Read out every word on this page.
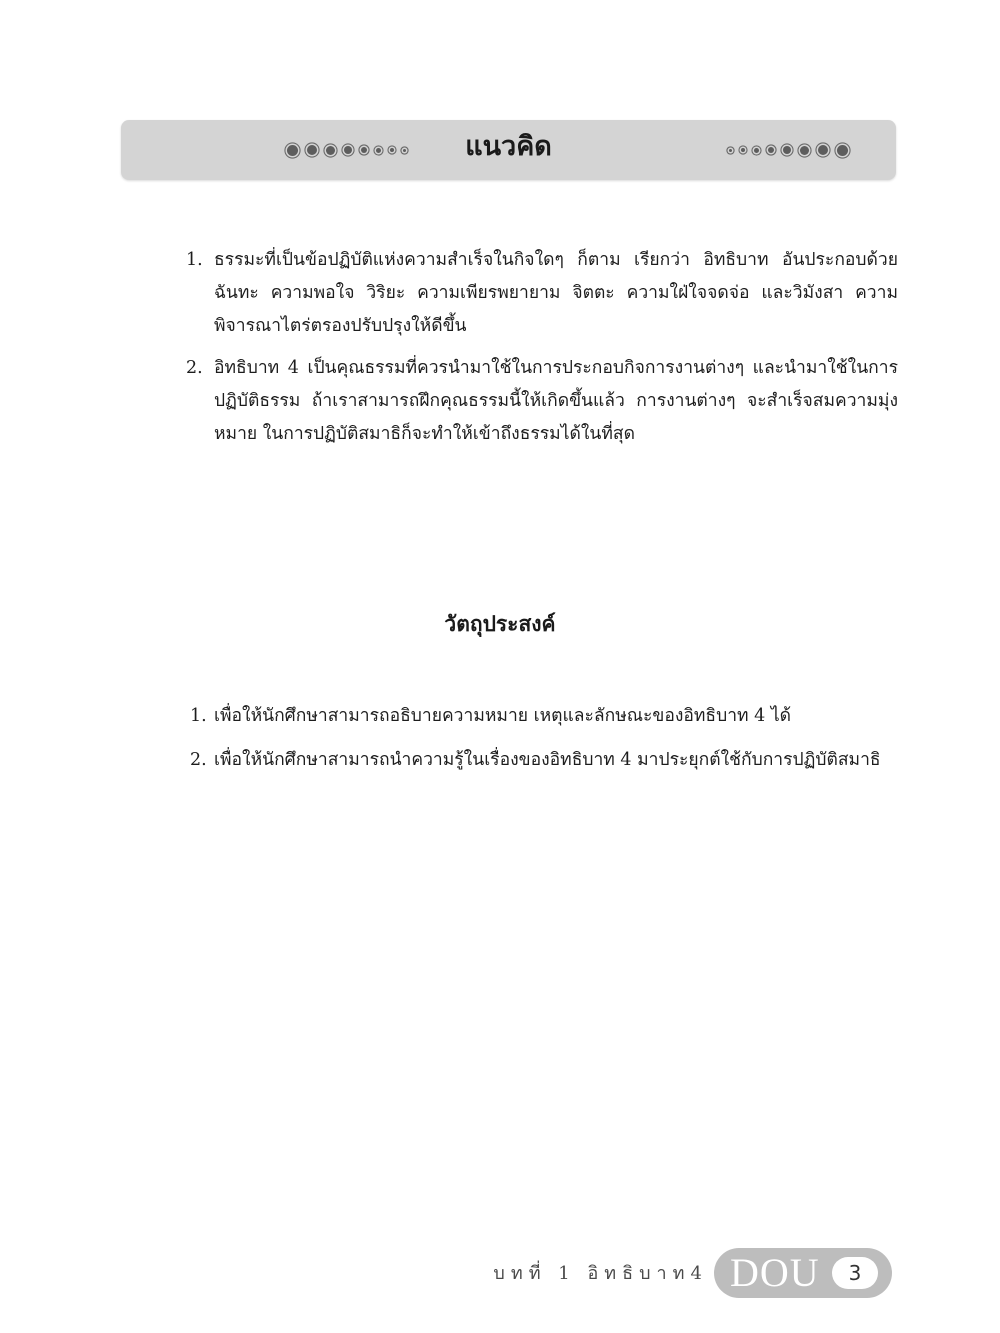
แนวคิด
1. ธรรมะที่เป็นข้อปฏิบัติแห่งความสำเร็จในกิจใดๆ ก็ตาม เรียกว่า อิทธิบาท อันประกอบด้วย ฉันทะ ความพอใจ วิริยะ ความเพียรพยายาม จิตตะ ความใฝ่ใจจดจ่อ และวิมังสา ความพิจารณาไตร่ตรองปรับปรุงให้ดีขึ้น
2. อิทธิบาท 4 เป็นคุณธรรมที่ควรนำมาใช้ในการประกอบกิจการงานต่างๆ และนำมาใช้ในการปฏิบัติธรรม ถ้าเราสามารถฝึกคุณธรรมนี้ให้เกิดขึ้นแล้ว การงานต่างๆ จะสำเร็จสมความมุ่งหมาย ในการปฏิบัติสมาธิก็จะทำให้เข้าถึงธรรมได้ในที่สุด
วัตถุประสงค์
1. เพื่อให้นักศึกษาสามารถอธิบายความหมาย เหตุและลักษณะของอิทธิบาท 4 ได้
2. เพื่อให้นักศึกษาสามารถนำความรู้ในเรื่องของอิทธิบาท 4 มาประยุกต์ใช้กับการปฏิบัติสมาธิ
บทที่ 1 อิทธิบาท4 DOU	3
